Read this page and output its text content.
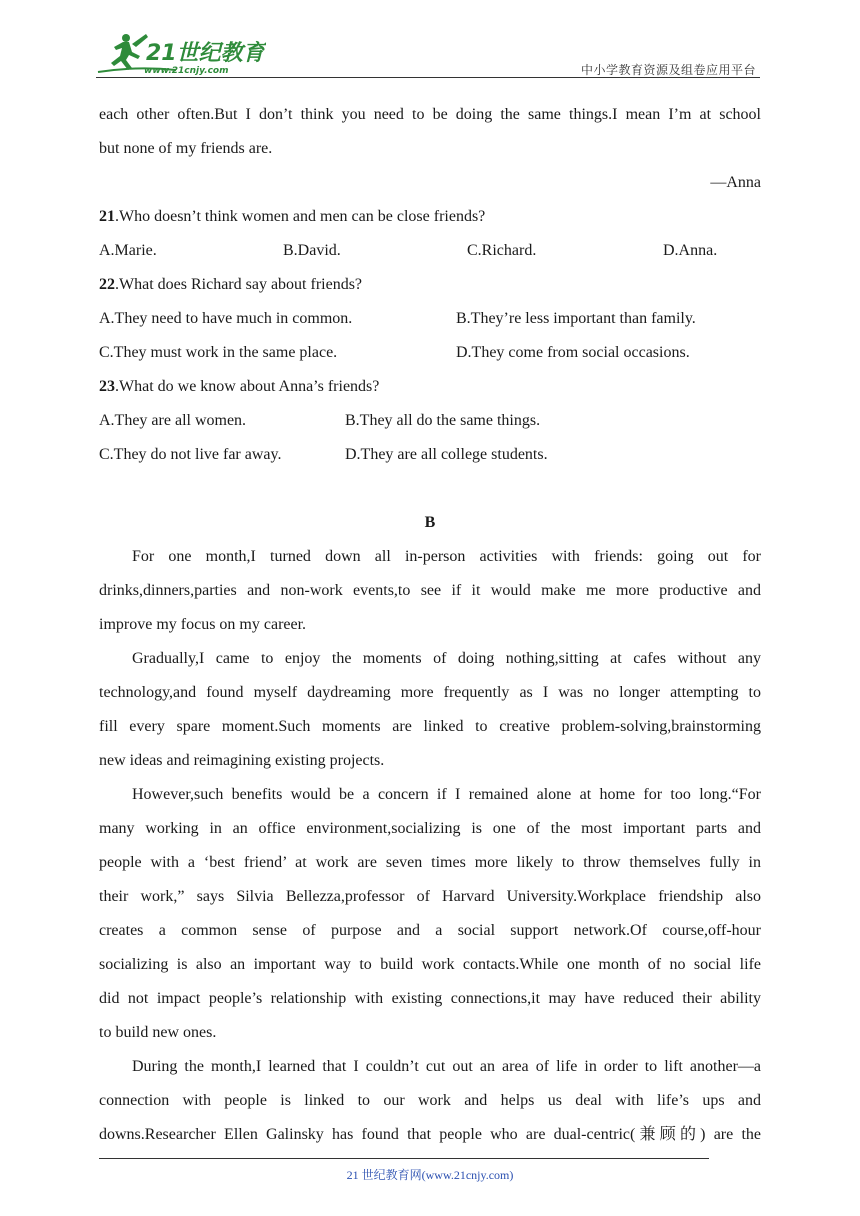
21世纪教育
www.21cnjy.com	中小学教育资源及组卷应用平台
each other often.But I don’t think you need to be doing the same things.I mean I’m at school
but none of my friends are.
—Anna
21.Who doesn’t think women and men can be close friends?
A.Marie.	B.David.	C.Richard.	D.Anna.
22.What does Richard say about friends?
A.They need to have much in common.	B.They’re less important than family.
C.They must work in the same place.	D.They come from social occasions.
23.What do we know about Anna’s friends?
A.They are all women.	B.They all do the same things.
C.They do not live far away.	D.They are all college students.
B
For one month,I turned down all in-person activities with friends: going out for
drinks,dinners,parties and non-work events,to see if it would make me more productive and
improve my focus on my career.
Gradually,I came to enjoy the moments of doing nothing,sitting at cafes without any
technology,and found myself daydreaming more frequently as I was no longer attempting to
fill every spare moment.Such moments are linked to creative problem-solving,brainstorming
new ideas and reimagining existing projects.
However,such benefits would be a concern if I remained alone at home for too long.“For
many working in an office environment,socializing is one of the most important parts and
people with a ‘best friend’ at work are seven times more likely to throw themselves fully in
their work,” says Silvia Bellezza,professor of Harvard University.Workplace friendship also
creates a common sense of purpose and a social support network.Of course,off-hour
socializing is also an important way to build work contacts.While one month of no social life
did not impact people’s relationship with existing connections,it may have reduced their ability
to build new ones.
During the month,I learned that I couldn’t cut out an area of life in order to lift another—a
connection with people is linked to our work and helps us deal with life’s ups and
downs.Researcher Ellen Galinsky has found that people who are dual-centric(兼顾的) are the
21 世纪教育网(www.21cnjy.com)
